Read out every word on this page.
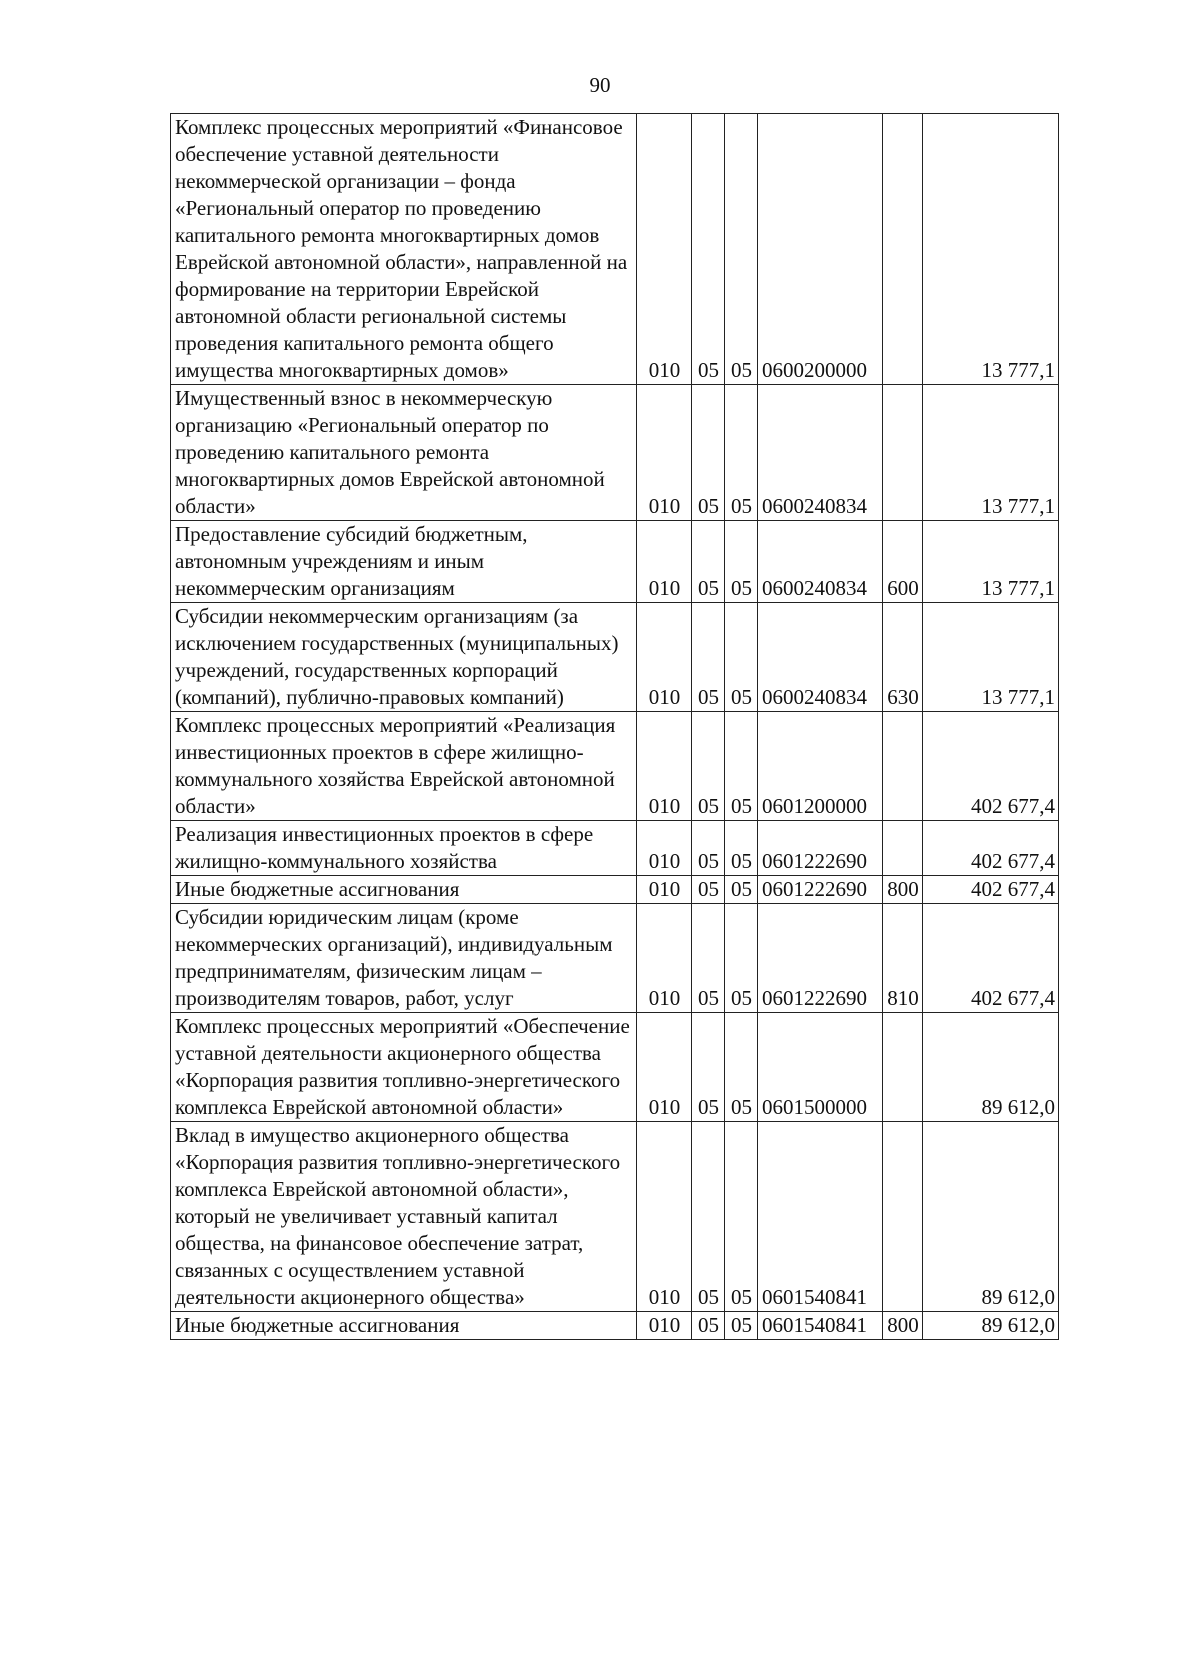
90
Комплекс процессных мероприятий «Финансовое обеспечение уставной деятельности некоммерческой организации – фонда «Региональный оператор по проведению капитального ремонта многоквартирных домов Еврейской автономной области», направленной на формирование на территории Еврейской автономной области региональной системы проведения капитального ремонта общего имущества многоквартирных домов»	010	05	05	0600200000		13 777,1
Имущественный взнос в некоммерческую организацию «Региональный оператор по проведению капитального ремонта многоквартирных домов Еврейской автономной области»	010	05	05	0600240834		13 777,1
Предоставление субсидий бюджетным, автономным учреждениям и иным некоммерческим организациям	010	05	05	0600240834	600	13 777,1
Субсидии некоммерческим организациям (за исключением государственных (муниципальных) учреждений, государственных корпораций (компаний), публично-правовых компаний)	010	05	05	0600240834	630	13 777,1
Комплекс процессных мероприятий «Реализация инвестиционных проектов в сфере жилищно-коммунального хозяйства Еврейской автономной области»	010	05	05	0601200000		402 677,4
Реализация инвестиционных проектов в сфере жилищно-коммунального хозяйства	010	05	05	0601222690		402 677,4
Иные бюджетные ассигнования	010	05	05	0601222690	800	402 677,4
Субсидии юридическим лицам (кроме некоммерческих организаций), индивидуальным предпринимателям, физическим лицам – производителям товаров, работ, услуг	010	05	05	0601222690	810	402 677,4
Комплекс процессных мероприятий «Обеспечение уставной деятельности акционерного общества «Корпорация развития топливно-энергетического комплекса Еврейской автономной области»	010	05	05	0601500000		89 612,0
Вклад в имущество акционерного общества «Корпорация развития топливно-энергетического комплекса Еврейской автономной области», который не увеличивает уставный капитал общества, на финансовое обеспечение затрат, связанных с осуществлением уставной деятельности акционерного общества»	010	05	05	0601540841		89 612,0
Иные бюджетные ассигнования	010	05	05	0601540841	800	89 612,0
